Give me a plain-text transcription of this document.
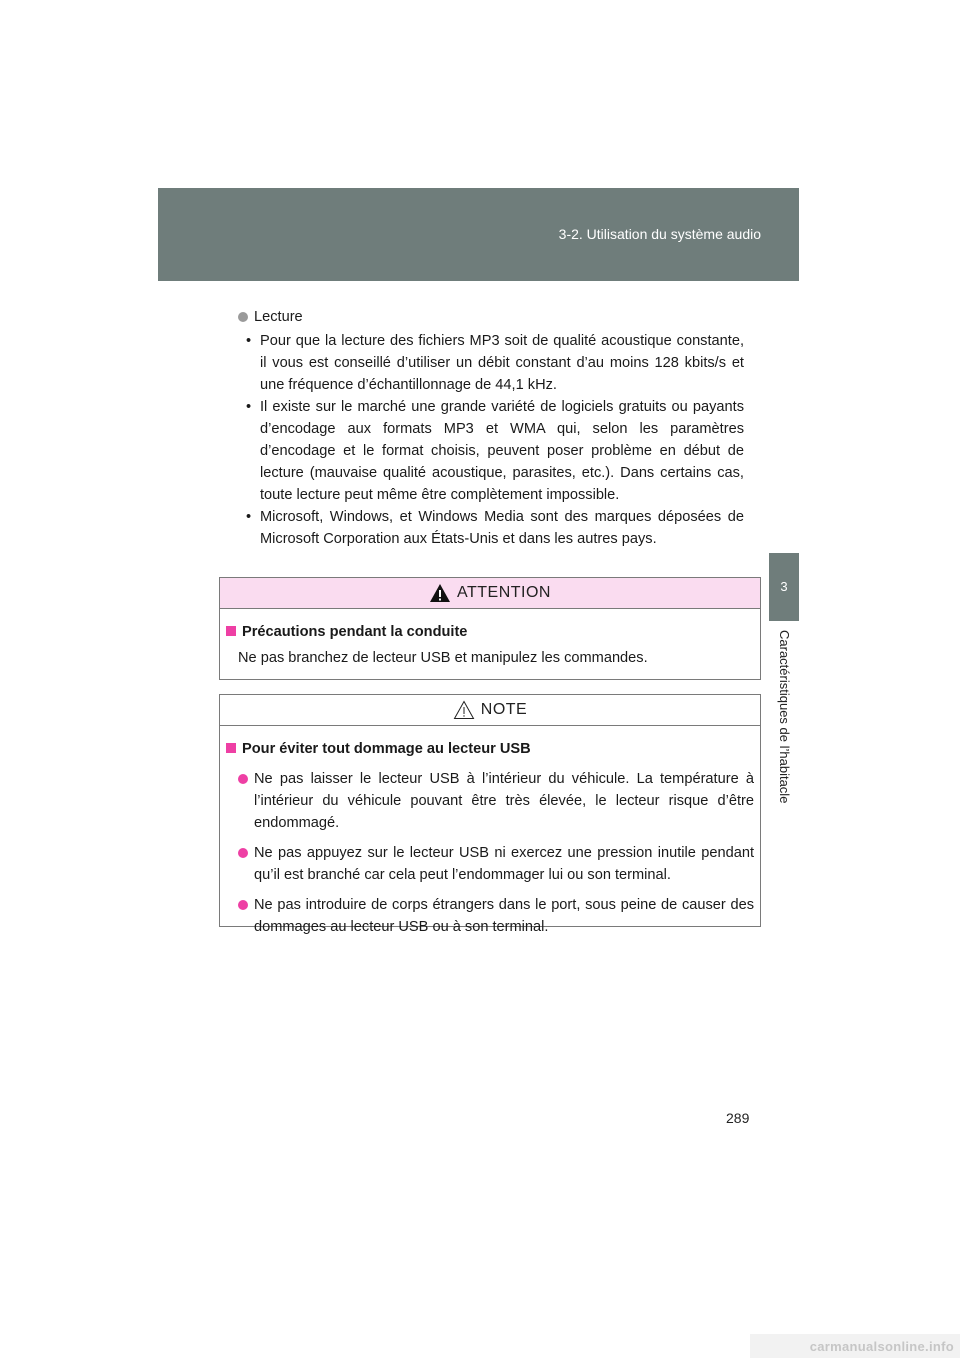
3-2. Utilisation du système audio
3
Caractéristiques de l’habitacle
Lecture
• Pour que la lecture des fichiers MP3 soit de qualité acoustique constante, il vous est conseillé d’utiliser un débit constant d’au moins 128 kbits/s et une fréquence d’échantillonnage de 44,1 kHz.
• Il existe sur le marché une grande variété de logiciels gratuits ou payants d’encodage aux formats MP3 et WMA qui, selon les paramètres d’encodage et le format choisis, peuvent poser problème en début de lecture (mauvaise qualité acoustique, parasites, etc.). Dans certains cas, toute lecture peut même être complètement impossible.
• Microsoft, Windows, et Windows Media sont des marques déposées de Microsoft Corporation aux États-Unis et dans les autres pays.
ATTENTION
Précautions pendant la conduite
Ne pas branchez de lecteur USB et manipulez les commandes.
NOTE
Pour éviter tout dommage au lecteur USB
Ne pas laisser le lecteur USB à l’intérieur du véhicule. La température à l’intérieur du véhicule pouvant être très élevée, le lecteur risque d’être endommagé.
Ne pas appuyez sur le lecteur USB ni exercez une pression inutile pendant qu’il est branché car cela peut l’endommager lui ou son terminal.
Ne pas introduire de corps étrangers dans le port, sous peine de causer des dommages au lecteur USB ou à son terminal.
289
carmanualsonline.info
